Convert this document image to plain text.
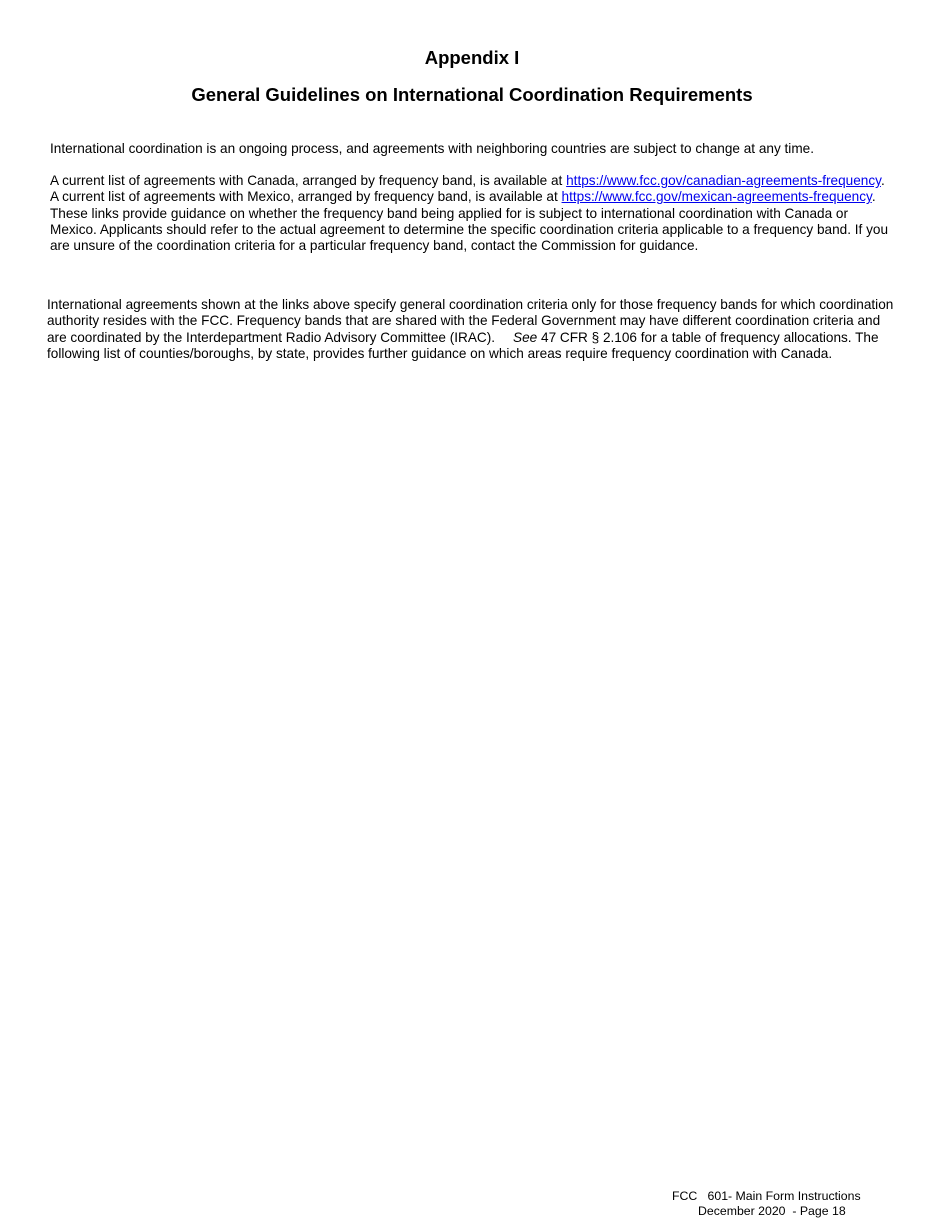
Appendix I
General Guidelines on International Coordination Requirements

International coordination is an ongoing process, and agreements with neighboring countries are subject to change at any time.

A current list of agreements with Canada, arranged by frequency band, is available at https://www.fcc.gov/canadian-agreements-frequency. A current list of agreements with Mexico, arranged by frequency band, is available at https://www.fcc.gov/mexican-agreements-frequency. These links provide guidance on whether the frequency band being applied for is subject to international coordination with Canada or Mexico. Applicants should refer to the actual agreement to determine the specific coordination criteria applicable to a frequency band. If you are unsure of the coordination criteria for a particular frequency band, contact the Commission for guidance.

International agreements shown at the links above specify general coordination criteria only for those frequency bands for which coordination authority resides with the FCC. Frequency bands that are shared with the Federal Government may have different coordination criteria and are coordinated by the Interdepartment Radio Advisory Committee (IRAC). See 47 CFR § 2.106 for a table of frequency allocations. The following list of counties/boroughs, by state, provides further guidance on which areas require frequency coordination with Canada.

FCC   601- Main Form Instructions
December 2020  - Page 18
